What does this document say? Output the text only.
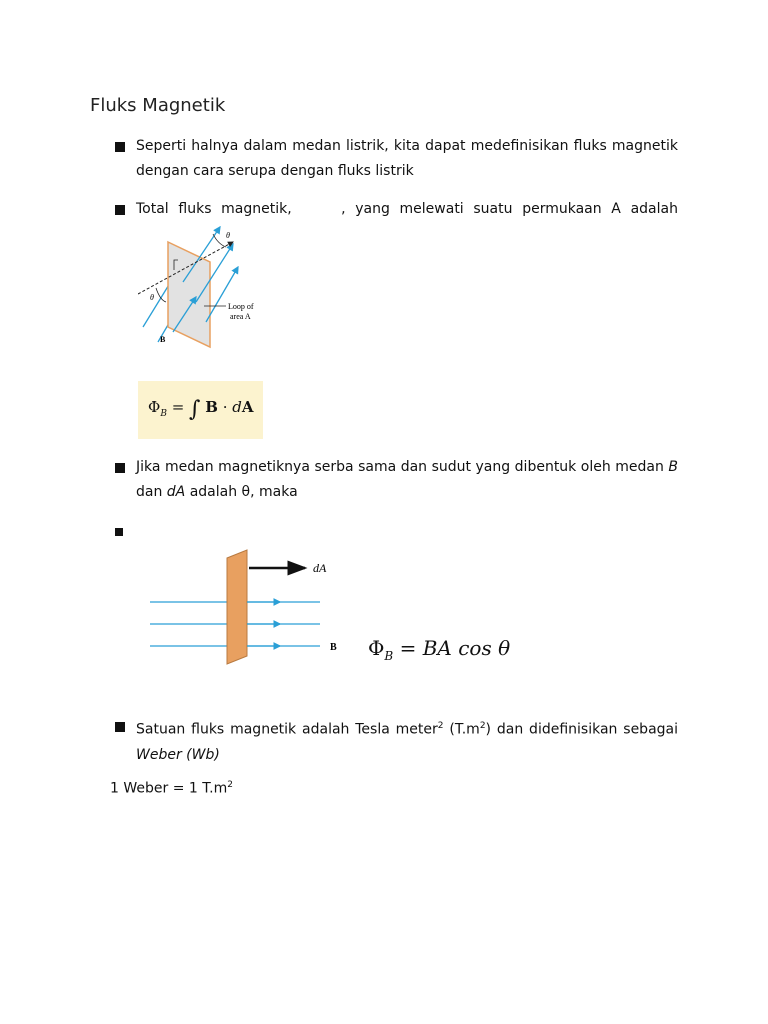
Fluks Magnetik
Seperti halnya dalam medan listrik, kita dapat medefinisikan fluks magnetik dengan cara serupa dengan fluks listrik
Total fluks magnetik,	, yang melewati suatu permukaan A adalah
θ
θ
Loop of
area A
B
$\Phi_B$ = ∫ B · dA
Jika medan magnetiknya serba sama dan sudut yang dibentuk oleh medan B dan dA adalah θ, maka
dA
B $\Phi_B$ = BA cos θ
Satuan fluks magnetik adalah Tesla meter$^2$ $(T.m^2)$ dan didefinisikan sebagai Weber (Wb)
1 Weber = 1 $T.m^2$
